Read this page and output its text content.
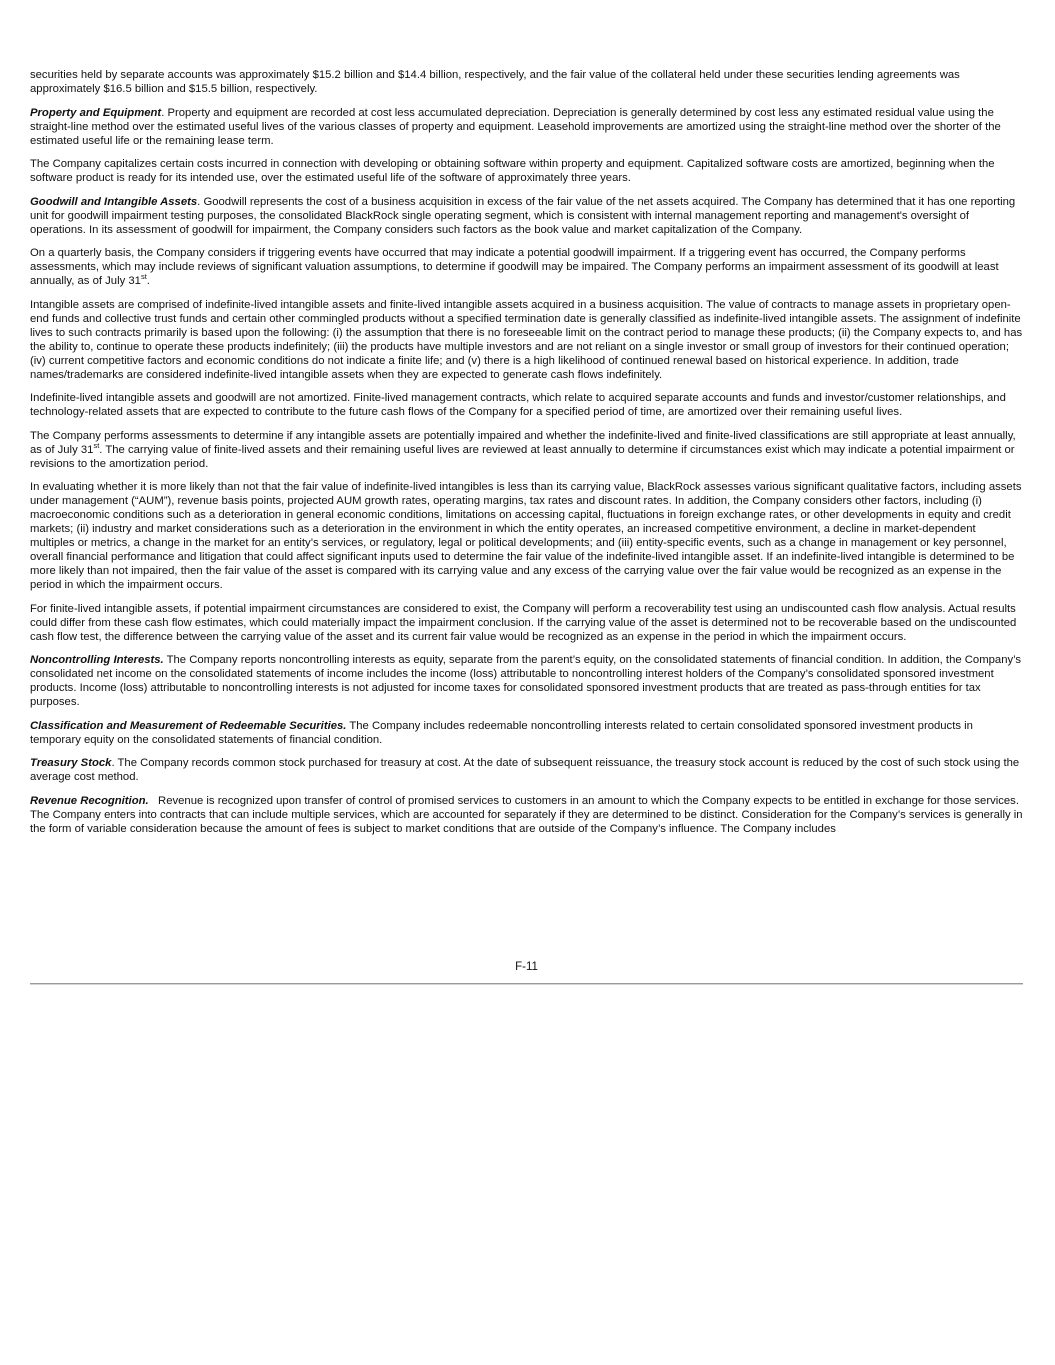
securities held by separate accounts was approximately $15.2 billion and $14.4 billion, respectively, and the fair value of the collateral held under these securities lending agreements was approximately $16.5 billion and $15.5 billion, respectively.

Property and Equipment. Property and equipment are recorded at cost less accumulated depreciation. Depreciation is generally determined by cost less any estimated residual value using the straight-line method over the estimated useful lives of the various classes of property and equipment. Leasehold improvements are amortized using the straight-line method over the shorter of the estimated useful life or the remaining lease term.

The Company capitalizes certain costs incurred in connection with developing or obtaining software within property and equipment. Capitalized software costs are amortized, beginning when the software product is ready for its intended use, over the estimated useful life of the software of approximately three years.

Goodwill and Intangible Assets. Goodwill represents the cost of a business acquisition in excess of the fair value of the net assets acquired. The Company has determined that it has one reporting unit for goodwill impairment testing purposes, the consolidated BlackRock single operating segment, which is consistent with internal management reporting and management's oversight of operations. In its assessment of goodwill for impairment, the Company considers such factors as the book value and market capitalization of the Company.

On a quarterly basis, the Company considers if triggering events have occurred that may indicate a potential goodwill impairment. If a triggering event has occurred, the Company performs assessments, which may include reviews of significant valuation assumptions, to determine if goodwill may be impaired. The Company performs an impairment assessment of its goodwill at least annually, as of July 31st.

Intangible assets are comprised of indefinite-lived intangible assets and finite-lived intangible assets acquired in a business acquisition. The value of contracts to manage assets in proprietary open-end funds and collective trust funds and certain other commingled products without a specified termination date is generally classified as indefinite-lived intangible assets. The assignment of indefinite lives to such contracts primarily is based upon the following: (i) the assumption that there is no foreseeable limit on the contract period to manage these products; (ii) the Company expects to, and has the ability to, continue to operate these products indefinitely; (iii) the products have multiple investors and are not reliant on a single investor or small group of investors for their continued operation; (iv) current competitive factors and economic conditions do not indicate a finite life; and (v) there is a high likelihood of continued renewal based on historical experience. In addition, trade names/trademarks are considered indefinite-lived intangible assets when they are expected to generate cash flows indefinitely.

Indefinite-lived intangible assets and goodwill are not amortized. Finite-lived management contracts, which relate to acquired separate accounts and funds and investor/customer relationships, and technology-related assets that are expected to contribute to the future cash flows of the Company for a specified period of time, are amortized over their remaining useful lives.

The Company performs assessments to determine if any intangible assets are potentially impaired and whether the indefinite-lived and finite-lived classifications are still appropriate at least annually, as of July 31st. The carrying value of finite-lived assets and their remaining useful lives are reviewed at least annually to determine if circumstances exist which may indicate a potential impairment or revisions to the amortization period.

In evaluating whether it is more likely than not that the fair value of indefinite-lived intangibles is less than its carrying value, BlackRock assesses various significant qualitative factors, including assets under management (“AUM”), revenue basis points, projected AUM growth rates, operating margins, tax rates and discount rates. In addition, the Company considers other factors, including (i) macroeconomic conditions such as a deterioration in general economic conditions, limitations on accessing capital, fluctuations in foreign exchange rates, or other developments in equity and credit markets; (ii) industry and market considerations such as a deterioration in the environment in which the entity operates, an increased competitive environment, a decline in market-dependent multiples or metrics, a change in the market for an entity’s services, or regulatory, legal or political developments; and (iii) entity-specific events, such as a change in management or key personnel, overall financial performance and litigation that could affect significant inputs used to determine the fair value of the indefinite-lived intangible asset. If an indefinite-lived intangible is determined to be more likely than not impaired, then the fair value of the asset is compared with its carrying value and any excess of the carrying value over the fair value would be recognized as an expense in the period in which the impairment occurs.

For finite-lived intangible assets, if potential impairment circumstances are considered to exist, the Company will perform a recoverability test using an undiscounted cash flow analysis. Actual results could differ from these cash flow estimates, which could materially impact the impairment conclusion. If the carrying value of the asset is determined not to be recoverable based on the undiscounted cash flow test, the difference between the carrying value of the asset and its current fair value would be recognized as an expense in the period in which the impairment occurs.

Noncontrolling Interests. The Company reports noncontrolling interests as equity, separate from the parent’s equity, on the consolidated statements of financial condition. In addition, the Company’s consolidated net income on the consolidated statements of income includes the income (loss) attributable to noncontrolling interest holders of the Company’s consolidated sponsored investment products. Income (loss) attributable to noncontrolling interests is not adjusted for income taxes for consolidated sponsored investment products that are treated as pass-through entities for tax purposes.

Classification and Measurement of Redeemable Securities. The Company includes redeemable noncontrolling interests related to certain consolidated sponsored investment products in temporary equity on the consolidated statements of financial condition.

Treasury Stock. The Company records common stock purchased for treasury at cost. At the date of subsequent reissuance, the treasury stock account is reduced by the cost of such stock using the average cost method.

Revenue Recognition.   Revenue is recognized upon transfer of control of promised services to customers in an amount to which the Company expects to be entitled in exchange for those services. The Company enters into contracts that can include multiple services, which are accounted for separately if they are determined to be distinct. Consideration for the Company’s services is generally in the form of variable consideration because the amount of fees is subject to market conditions that are outside of the Company’s influence. The Company includes

F-11
